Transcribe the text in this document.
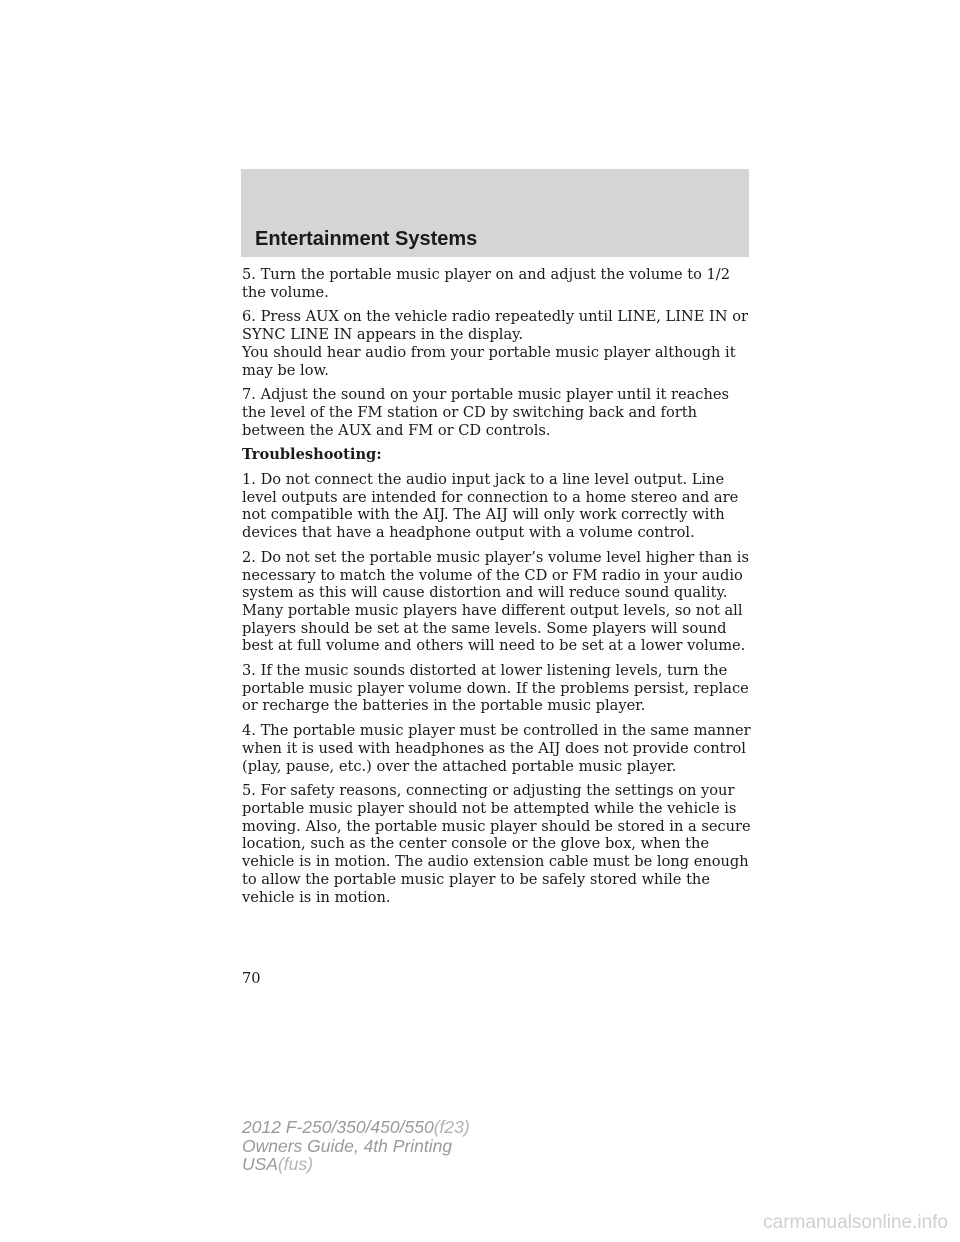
Entertainment Systems

5. Turn the portable music player on and adjust the volume to 1/2 the volume.

6. Press AUX on the vehicle radio repeatedly until LINE, LINE IN or SYNC LINE IN appears in the display.
You should hear audio from your portable music player although it may be low.

7. Adjust the sound on your portable music player until it reaches the level of the FM station or CD by switching back and forth between the AUX and FM or CD controls.

Troubleshooting:

1. Do not connect the audio input jack to a line level output. Line level outputs are intended for connection to a home stereo and are not compatible with the AIJ. The AIJ will only work correctly with devices that have a headphone output with a volume control.

2. Do not set the portable music player’s volume level higher than is necessary to match the volume of the CD or FM radio in your audio system as this will cause distortion and will reduce sound quality. Many portable music players have different output levels, so not all players should be set at the same levels. Some players will sound best at full volume and others will need to be set at a lower volume.

3. If the music sounds distorted at lower listening levels, turn the portable music player volume down. If the problems persist, replace or recharge the batteries in the portable music player.

4. The portable music player must be controlled in the same manner when it is used with headphones as the AIJ does not provide control (play, pause, etc.) over the attached portable music player.

5. For safety reasons, connecting or adjusting the settings on your portable music player should not be attempted while the vehicle is moving. Also, the portable music player should be stored in a secure location, such as the center console or the glove box, when the vehicle is in motion. The audio extension cable must be long enough to allow the portable music player to be safely stored while the vehicle is in motion.

70
2012 F-250/350/450/550(f23)
Owners Guide, 4th Printing
USA(fus)
carmanualsonline.info
